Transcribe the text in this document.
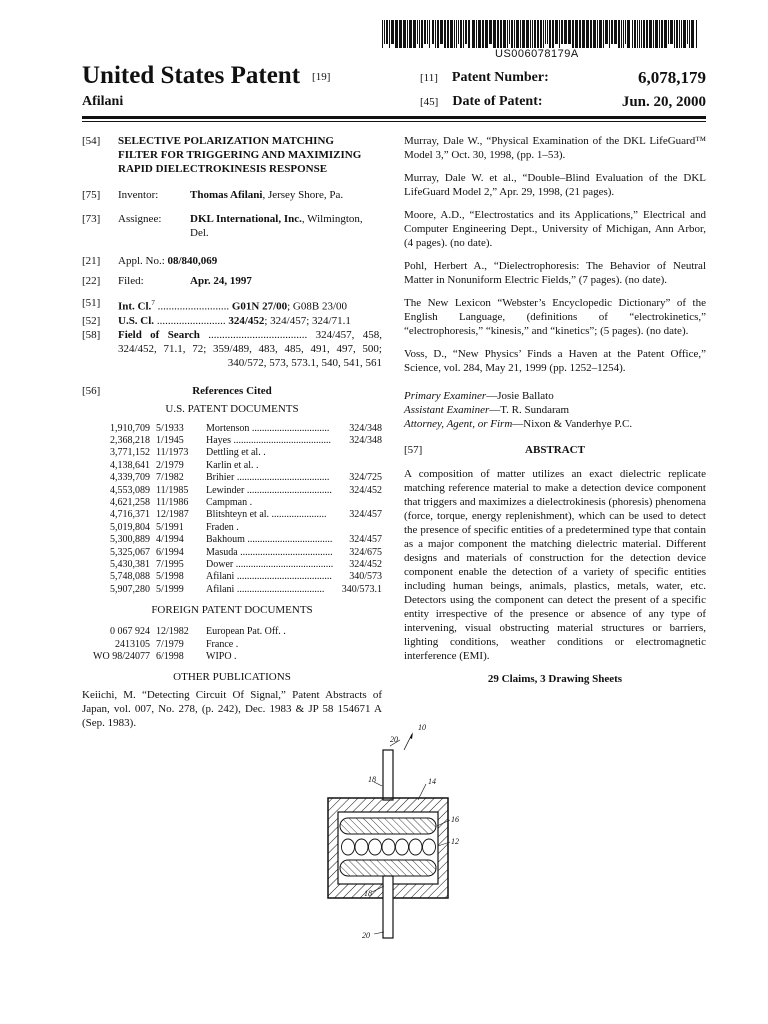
US006078179A
United States Patent [19]
Afilani
[11] Patent Number:	6,078,179
[45] Date of Patent:	Jun. 20, 2000
[54] SELECTIVE POLARIZATION MATCHING FILTER FOR TRIGGERING AND MAXIMIZING RAPID DIELECTROKINESIS RESPONSE
[75] Inventor:	Thomas Afilani, Jersey Shore, Pa.
[73] Assignee:	DKL International, Inc., Wilmington, Del.
[21] Appl. No.: 08/840,069
[22] Filed:	Apr. 24, 1997
[51] Int. Cl.$^7$ .......................... G01N 27/00; G08B 23/00
[52] U.S. Cl. ......................... 324/452; 324/457; 324/71.1
[58] Field of Search .................................... 324/457, 458, 324/452, 71.1, 72; 359/489, 483, 485, 491, 497, 500; 340/572, 573, 573.1, 540, 541, 561
[56]	References Cited
U.S. PATENT DOCUMENTS
1,910,709 5/1933 Mortenson ............................... 324/348
2,368,218 1/1945 Hayes ....................................... 324/348
3,771,152 11/1973 Dettling et al. .
4,138,641 2/1979 Karlin et al. .
4,339,709 7/1982 Brihier ..................................... 324/725
4,553,089 11/1985 Lewinder .................................. 324/452
4,621,258 11/1986 Campman .
4,716,371 12/1987 Blitshteyn et al. ...................... 324/457
5,019,804 5/1991 Fraden .
5,300,889 4/1994 Bakhoum .................................. 324/457
5,325,067 6/1994 Masuda ..................................... 324/675
5,430,381 7/1995 Dower ....................................... 324/452
5,748,088 5/1998 Afilani ...................................... 340/573
5,907,280 5/1999 Afilani ................................... 340/573.1
FOREIGN PATENT DOCUMENTS
0 067 924 12/1982 European Pat. Off. .
2413105 7/1979 France .
WO 98/24077 6/1998 WIPO .
OTHER PUBLICATIONS
Keiichi, M. “Detecting Circuit Of Signal,” Patent Abstracts of Japan, vol. 007, No. 278, (p. 242), Dec. 1983 & JP 58 154671 A (Sep. 1983).

Murray, Dale W., “Physical Examination of the DKL LifeGuard™ Model 3,” Oct. 30, 1998, (pp. 1–53).

Murray, Dale W. et al., “Double–Blind Evaluation of the DKL LifeGuard Model 2,” Apr. 29, 1998, (21 pages).

Moore, A.D., “Electrostatics and its Applications,” Electrical and Computer Engineering Dept., University of Michigan, Ann Arbor, (4 pages). (no date).

Pohl, Herbert A., “Dielectrophoresis: The Behavior of Neutral Matter in Nonuniform Electric Fields,” (7 pages). (no date).

The New Lexicon “Webster’s Encyclopedic Dictionary” of the English Language, (definitions of “electrokinetics,” “electrophoresis,” “kinesis,” and “kinetics”; (5 pages). (no date).

Voss, D., “New Physics’ Finds a Haven at the Patent Office,” Science, vol. 284, May 21, 1999 (pp. 1252–1254).

Primary Examiner—Josie Ballato
Assistant Examiner—T. R. Sundaram
Attorney, Agent, or Firm—Nixon & Vanderhye P.C.
[57]	ABSTRACT

A composition of matter utilizes an exact dielectric replicate matching reference material to make a detection device component that triggers and maximizes a dielectrokinesis (phoresis) phenomena (force, torque, energy replenishment), which can be used to detect the presence of specific entities of a predetermined type that contain as a major component the matching dielectric material. Different designs and materials of construction for the detection device component enable the detection of a variety of specific entities including human beings, animals, plastics, metals, water, etc. Detectors using the component can detect the present of a specific entity irrespective of the presence or absence of any type of intervening, visual obstructing material structures or barriers, lighting conditions, weather conditions or electromagnetic interference (EMI).

29 Claims, 3 Drawing Sheets
10
20
18	14
16
12
18
20
